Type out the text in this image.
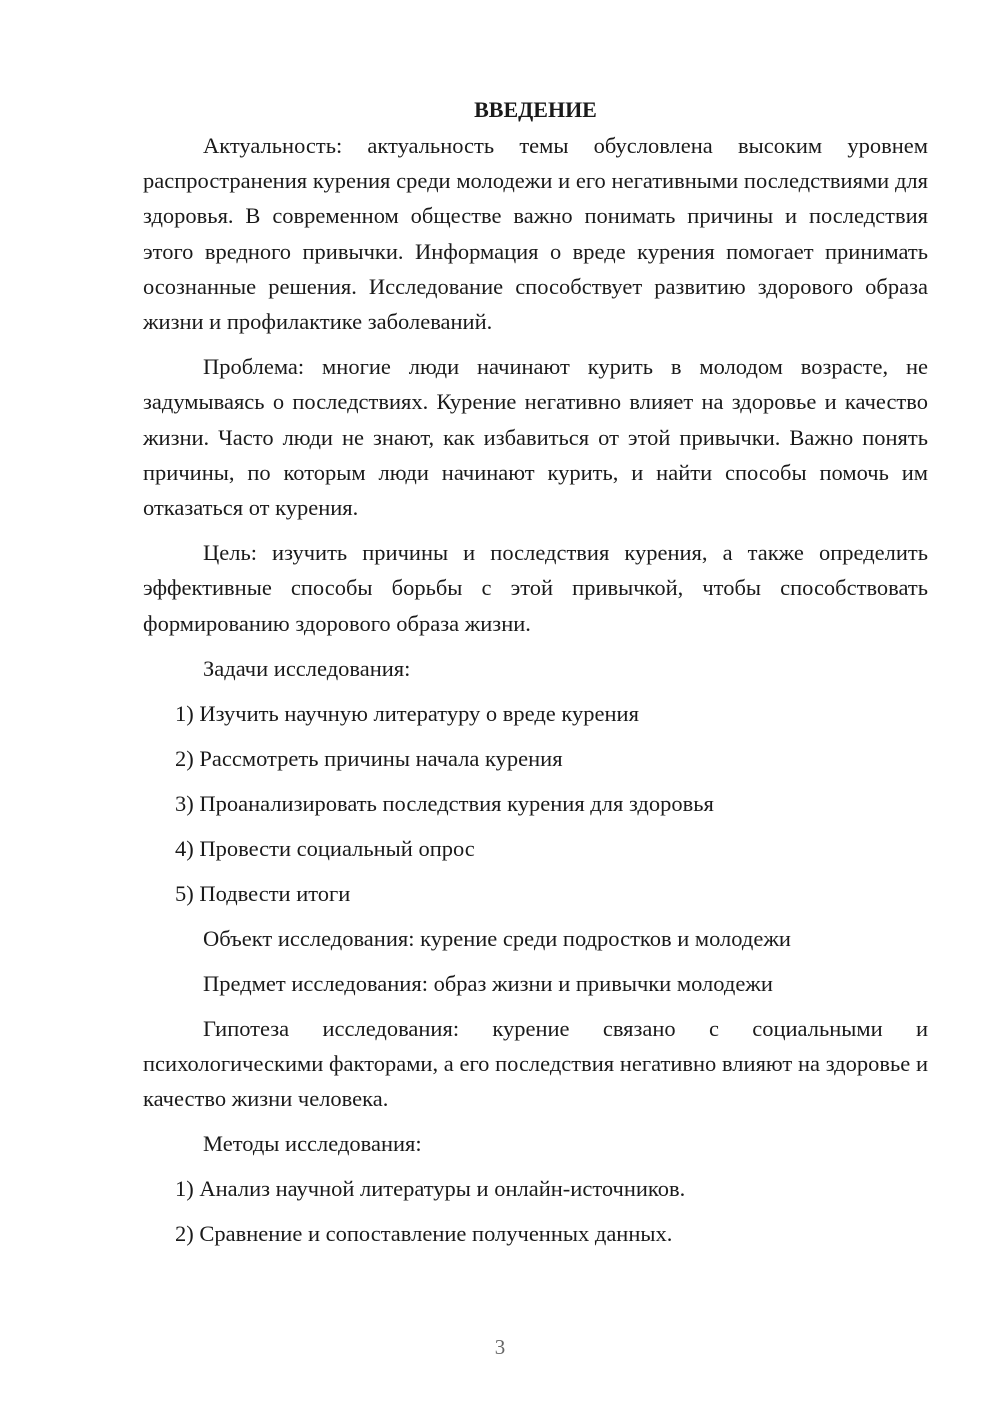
ВВЕДЕНИЕ

Актуальность: актуальность темы обусловлена высоким уровнем распространения курения среди молодежи и его негативными последствиями для здоровья. В современном обществе важно понимать причины и последствия этого вредного привычки. Информация о вреде курения помогает принимать осознанные решения. Исследование способствует развитию здорового образа жизни и профилактике заболеваний.

Проблема: многие люди начинают курить в молодом возрасте, не задумываясь о последствиях. Курение негативно влияет на здоровье и качество жизни. Часто люди не знают, как избавиться от этой привычки. Важно понять причины, по которым люди начинают курить, и найти способы помочь им отказаться от курения.

Цель: изучить причины и последствия курения, а также определить эффективные способы борьбы с этой привычкой, чтобы способствовать формированию здорового образа жизни.

Задачи исследования:
1) Изучить научную литературу о вреде курения
2) Рассмотреть причины начала курения
3) Проанализировать последствия курения для здоровья
4) Провести социальный опрос
5) Подвести итоги
Объект исследования: курение среди подростков и молодежи
Предмет исследования: образ жизни и привычки молодежи

Гипотеза исследования: курение связано с социальными и психологическими факторами, а его последствия негативно влияют на здоровье и качество жизни человека.

Методы исследования:
1) Анализ научной литературы и онлайн-источников.
2) Сравнение и сопоставление полученных данных.
3
